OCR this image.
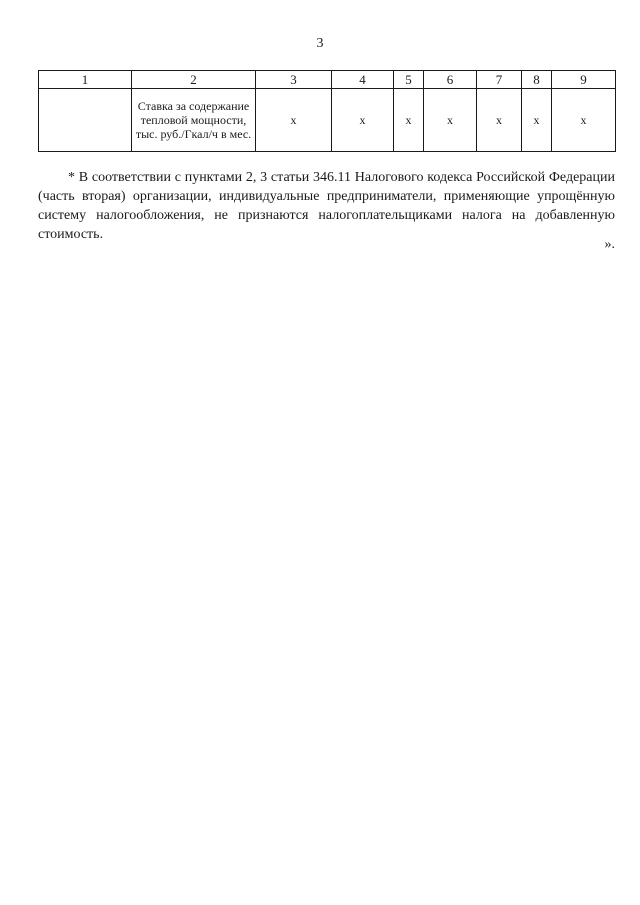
3
1	2	3	4	5	6	7	8	9
	Ставка за содержание тепловой мощности, тыс. руб./Гкал/ч в мес.	х	х	х	х	х	х	х

* В соответствии с пунктами 2, 3 статьи 346.11 Налогового кодекса Российской Федерации (часть вторая) организации, индивидуальные предприниматели, применяющие упрощённую систему налогообложения, не признаются налогоплательщиками налога на добавленную стоимость.

».
